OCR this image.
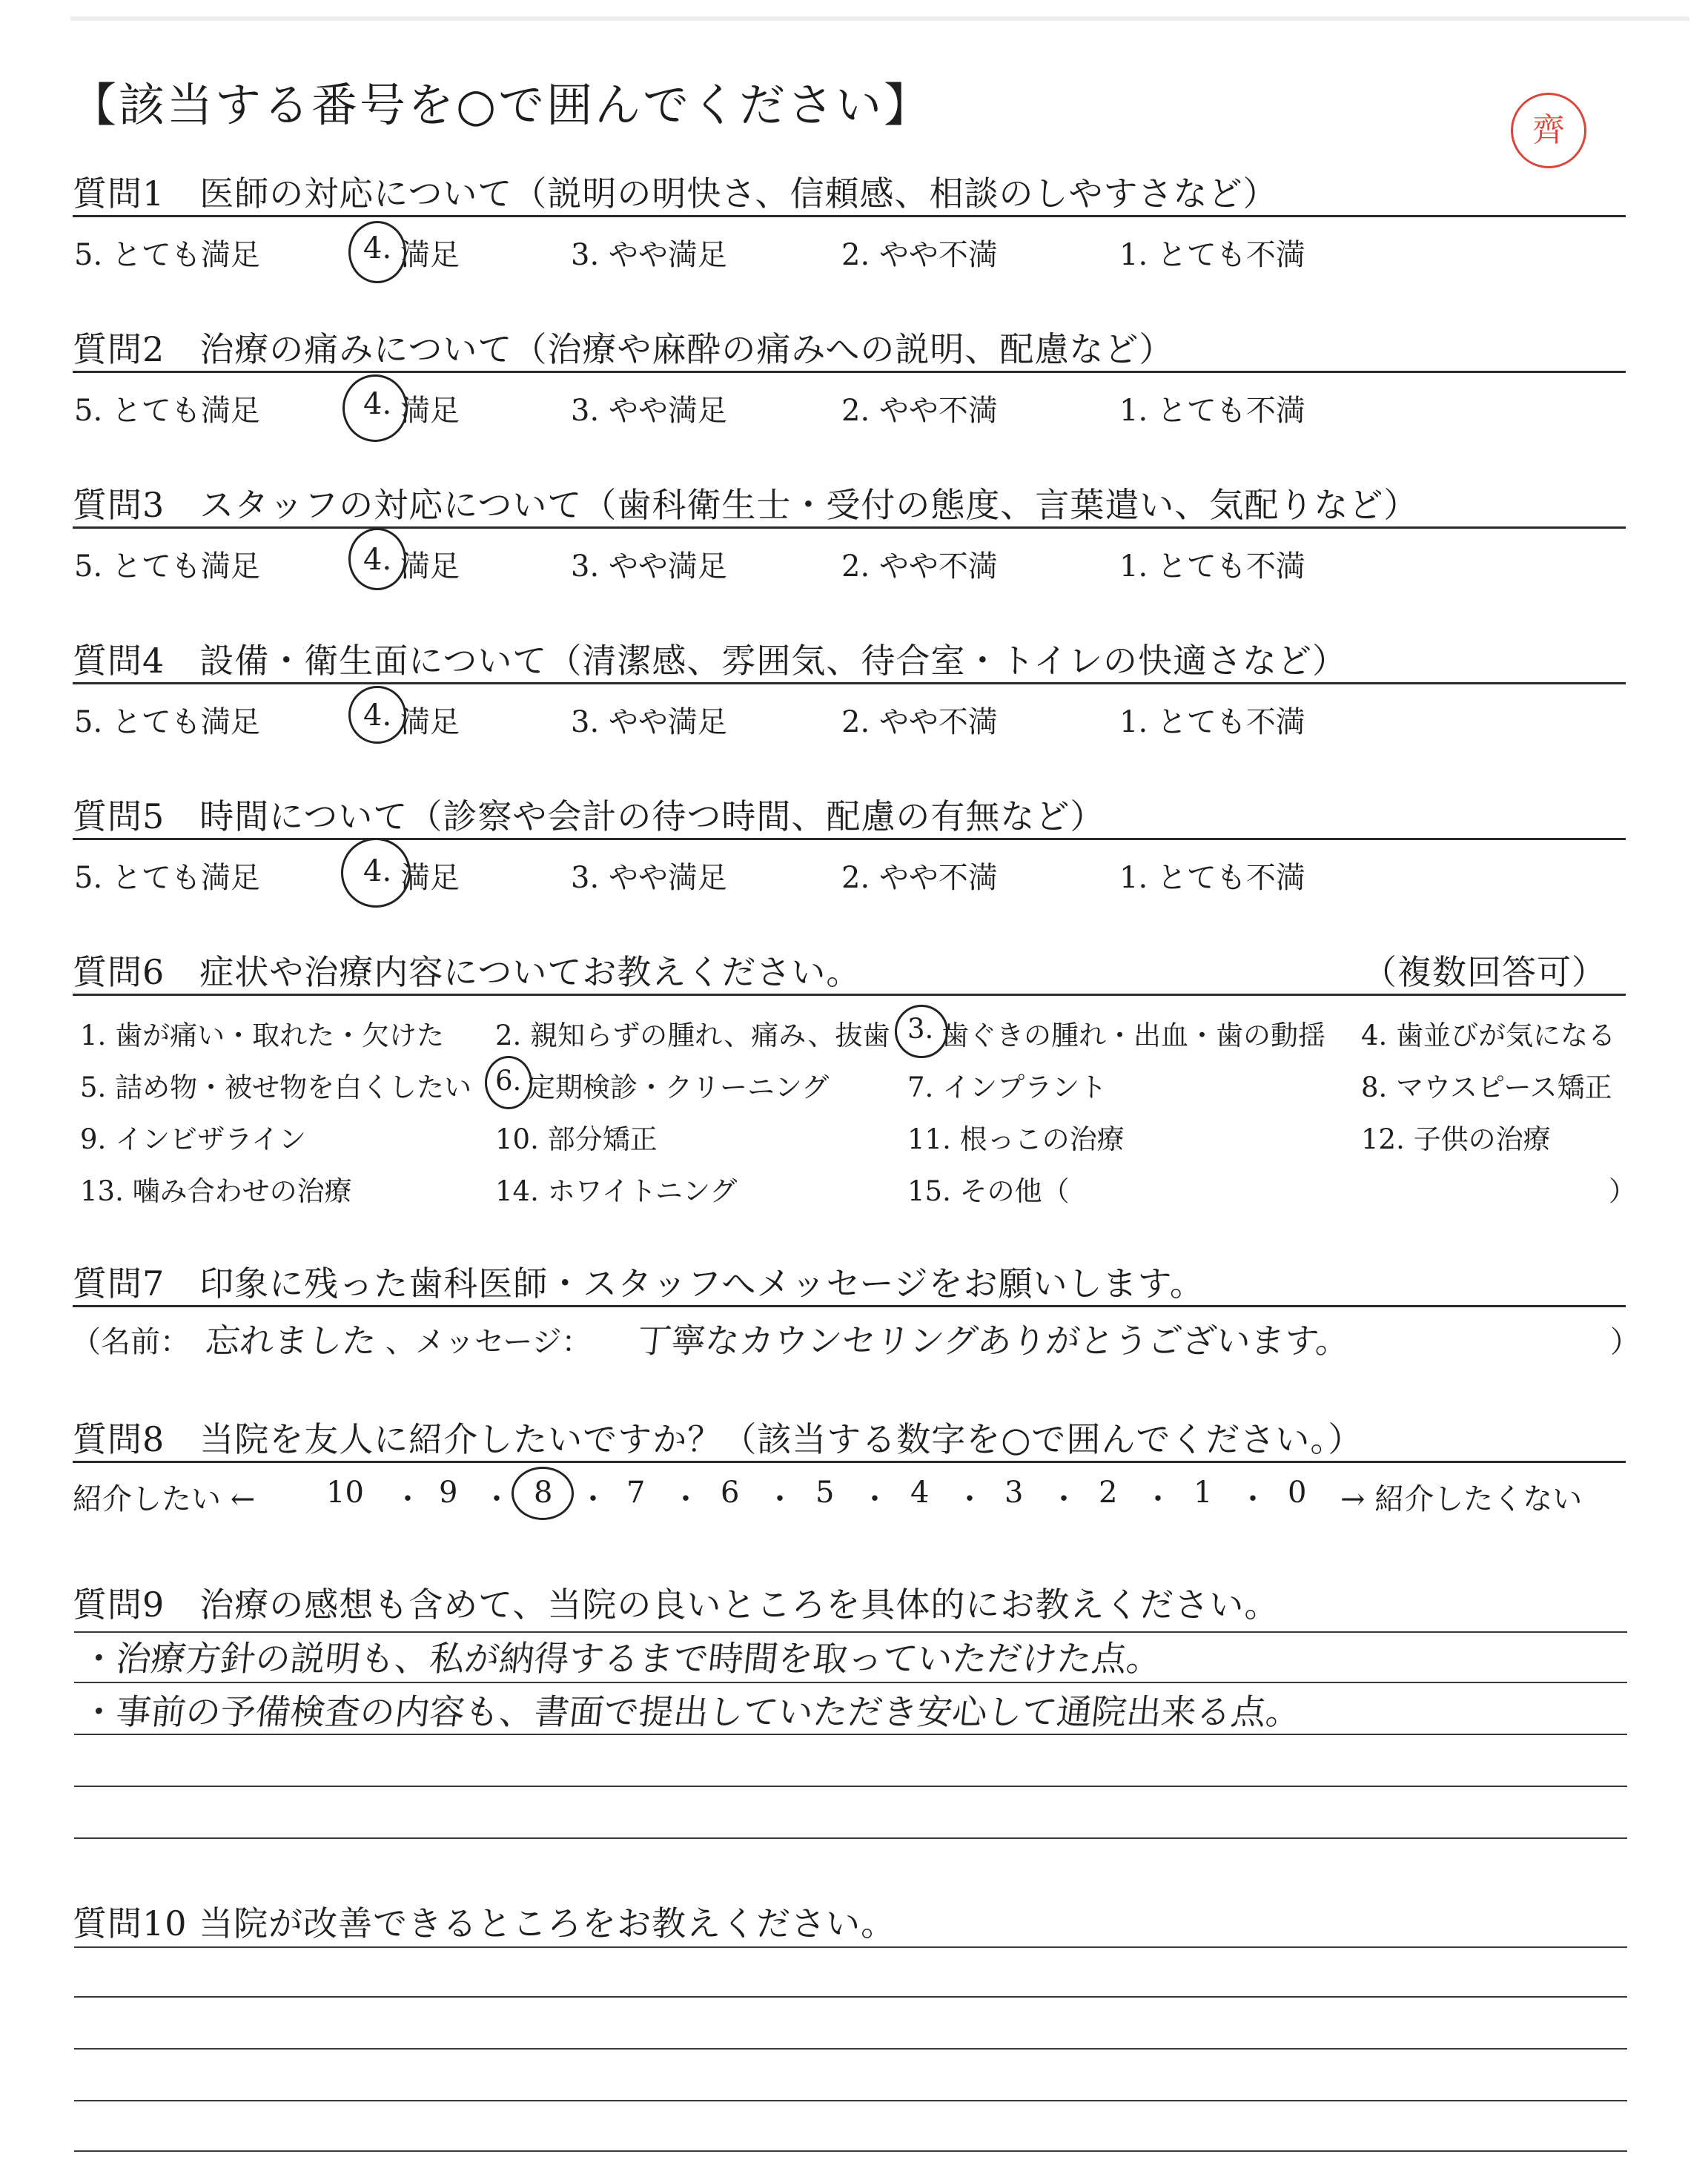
【該当する番号を○で囲んでください】	齊
質問1　医師の対応について（説明の明快さ、信頼感、相談のしやすさなど）
5. とても満足	4. 満足	3. やや満足	2. やや不満	1. とても不満
質問2　治療の痛みについて（治療や麻酔の痛みへの説明、配慮など）
5. とても満足	4. 満足	3. やや満足	2. やや不満	1. とても不満
質問3　スタッフの対応について（歯科衛生士・受付の態度、言葉遣い、気配りなど）
5. とても満足	4. 満足	3. やや満足	2. やや不満	1. とても不満
質問4　設備・衛生面について（清潔感、雰囲気、待合室・トイレの快適さなど）
5. とても満足	4. 満足	3. やや満足	2. やや不満	1. とても不満
質問5　時間について（診察や会計の待つ時間、配慮の有無など）
5. とても満足	4. 満足	3. やや満足	2. やや不満	1. とても不満
質問6　症状や治療内容についてお教えください。	（複数回答可）
1. 歯が痛い・取れた・欠けた 2. 親知らずの腫れ、痛み、抜歯 3. 歯ぐきの腫れ・出血・歯の動揺 4. 歯並びが気になる
5. 詰め物・被せ物を白くしたい 6. 定期検診・クリーニング	7. インプラント	8. マウスピース矯正
9. インビザライン	10. 部分矯正	11. 根っこの治療	12. 子供の治療
13. 噛み合わせの治療	14. ホワイトニング	15. その他（	）
質問7　印象に残った歯科医師・スタッフへメッセージをお願いします。
（名前： 忘れました 、メッセージ： 丁寧なカウンセリングありがとうございます。	）
質問8　当院を友人に紹介したいですか？（該当する数字を○で囲んでください。）
紹介したい ← 10 ・ 9 ・ 8 ・ 7 ・ 6 ・ 5 ・ 4 ・ 3 ・ 2 ・ 1 ・ 0 → 紹介したくない
質問9　治療の感想も含めて、当院の良いところを具体的にお教えください。
・治療方針の説明も、私が納得するまで時間を取っていただけた点。
・事前の予備検査の内容も、書面で提出していただき安心して通院出来る点。
質問10 当院が改善できるところをお教えください。
